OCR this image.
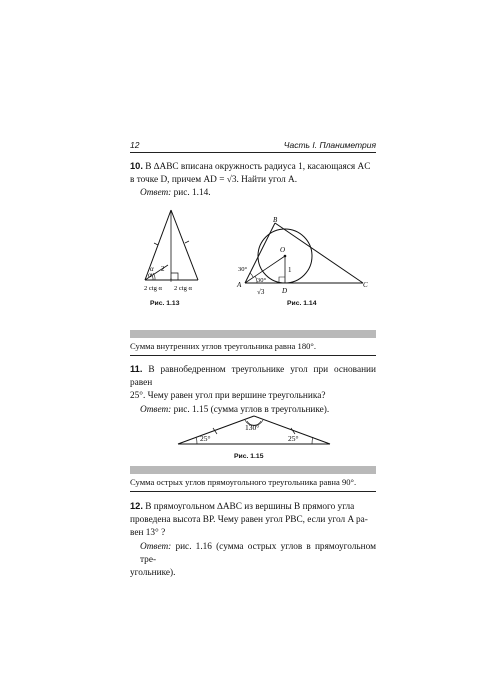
12	Часть I. Планиметрия
10. В ∆ABC вписана окружность радиуса 1, касающаяся AC
в точке D, причем AD = √3. Найти угол A.
Ответ: рис. 1.14.
α
α 2
2 ctg α 2 ctg α
Рис. 1.13
B
O
A	C
D
1
30°
30°
√3
Рис. 1.14
Сумма внутренних углов треугольника равна 180°.
11. В равнобедренном треугольнике угол при основании равен
25°. Чему равен угол при вершине треугольника?
Ответ: рис. 1.15 (сумма углов в треугольнике).
130°
25°	25°
Рис. 1.15
Сумма острых углов прямоугольного треугольника равна 90°.
12. В прямоугольном ∆ABC из вершины B прямого угла
проведена высота BP. Чему равен угол PBC, если угол A ра-
вен 13° ?
Ответ: рис. 1.16 (сумма острых углов в прямоугольном тре-
угольнике).
